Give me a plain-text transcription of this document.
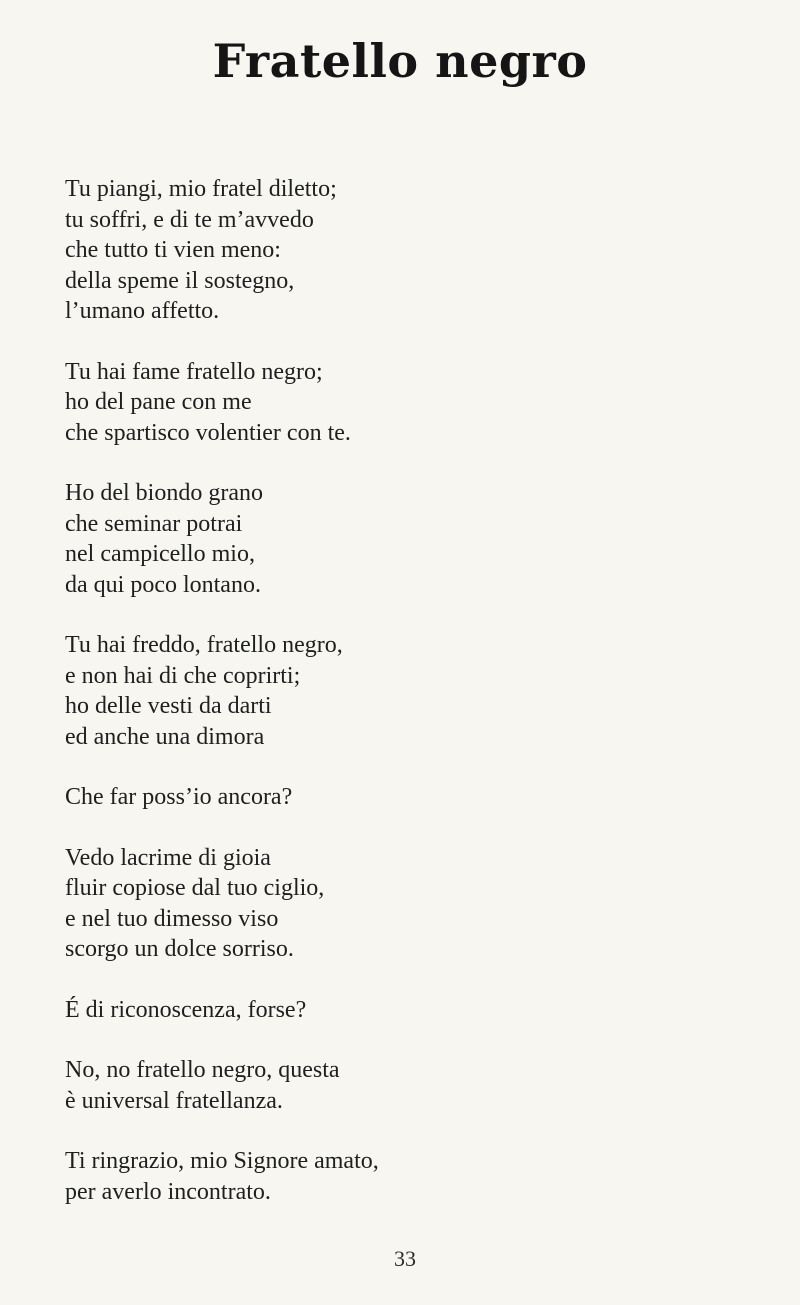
Fratello negro
Tu piangi, mio fratel diletto;
tu soffri, e di te m’avvedo
che tutto ti vien meno:
della speme il sostegno,
l’umano affetto.
Tu hai fame fratello negro;
ho del pane con me
che spartisco volentier con te.
Ho del biondo grano
che seminar potrai
nel campicello mio,
da qui poco lontano.
Tu hai freddo, fratello negro,
e non hai di che coprirti;
ho delle vesti da darti
ed anche una dimora
Che far poss’io ancora?
Vedo lacrime di gioia
fluir copiose dal tuo ciglio,
e nel tuo dimesso viso
scorgo un dolce sorriso.
É di riconoscenza, forse?
No, no fratello negro, questa
è universal fratellanza.
Ti ringrazio, mio Signore amato,
per averlo incontrato.
33
